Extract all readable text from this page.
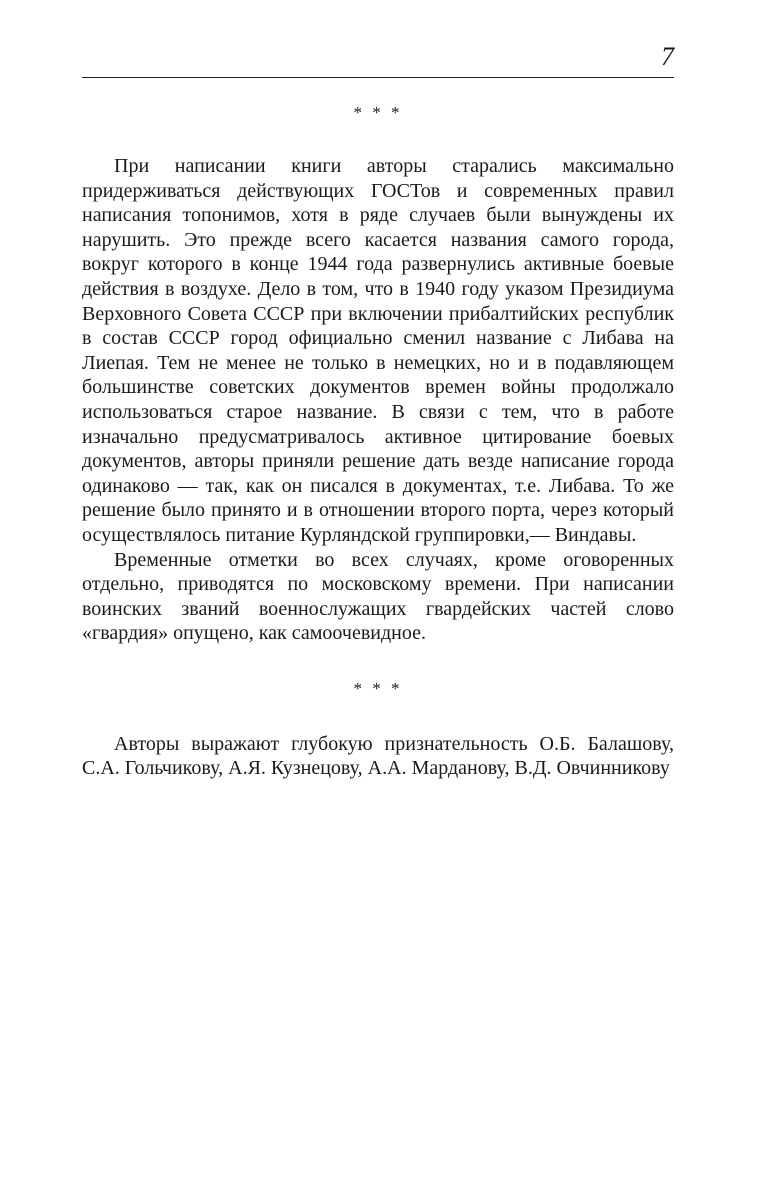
7
* * *

При написании книги авторы старались максимально придерживаться действующих ГОСТов и современных правил написания топонимов, хотя в ряде случаев были вынуждены их нарушить. Это прежде всего касается названия самого города, вокруг которого в конце 1944 года развернулись активные боевые действия в воздухе. Дело в том, что в 1940 году указом Президиума Верховного Совета СССР при включении прибалтийских республик в состав СССР город официально сменил название с Либава на Лиепая. Тем не менее не только в немецких, но и в подавляющем большинстве советских документов времен войны продолжало использоваться старое название. В связи с тем, что в работе изначально предусматривалось активное цитирование боевых документов, авторы приняли решение дать везде написание города одинаково — так, как он писался в документах, т.е. Либава. То же решение было принято и в отношении второго порта, через который осуществлялось питание Курляндской группировки,— Виндавы.

Временные отметки во всех случаях, кроме оговоренных отдельно, приводятся по московскому времени. При написании воинских званий военнослужащих гвардейских частей слово «гвардия» опущено, как самоочевидное.

* * *

Авторы выражают глубокую признательность О.Б. Балашову, С.А. Гольчикову, А.Я. Кузнецову, А.А. Марданову, В.Д. Овчинникову
